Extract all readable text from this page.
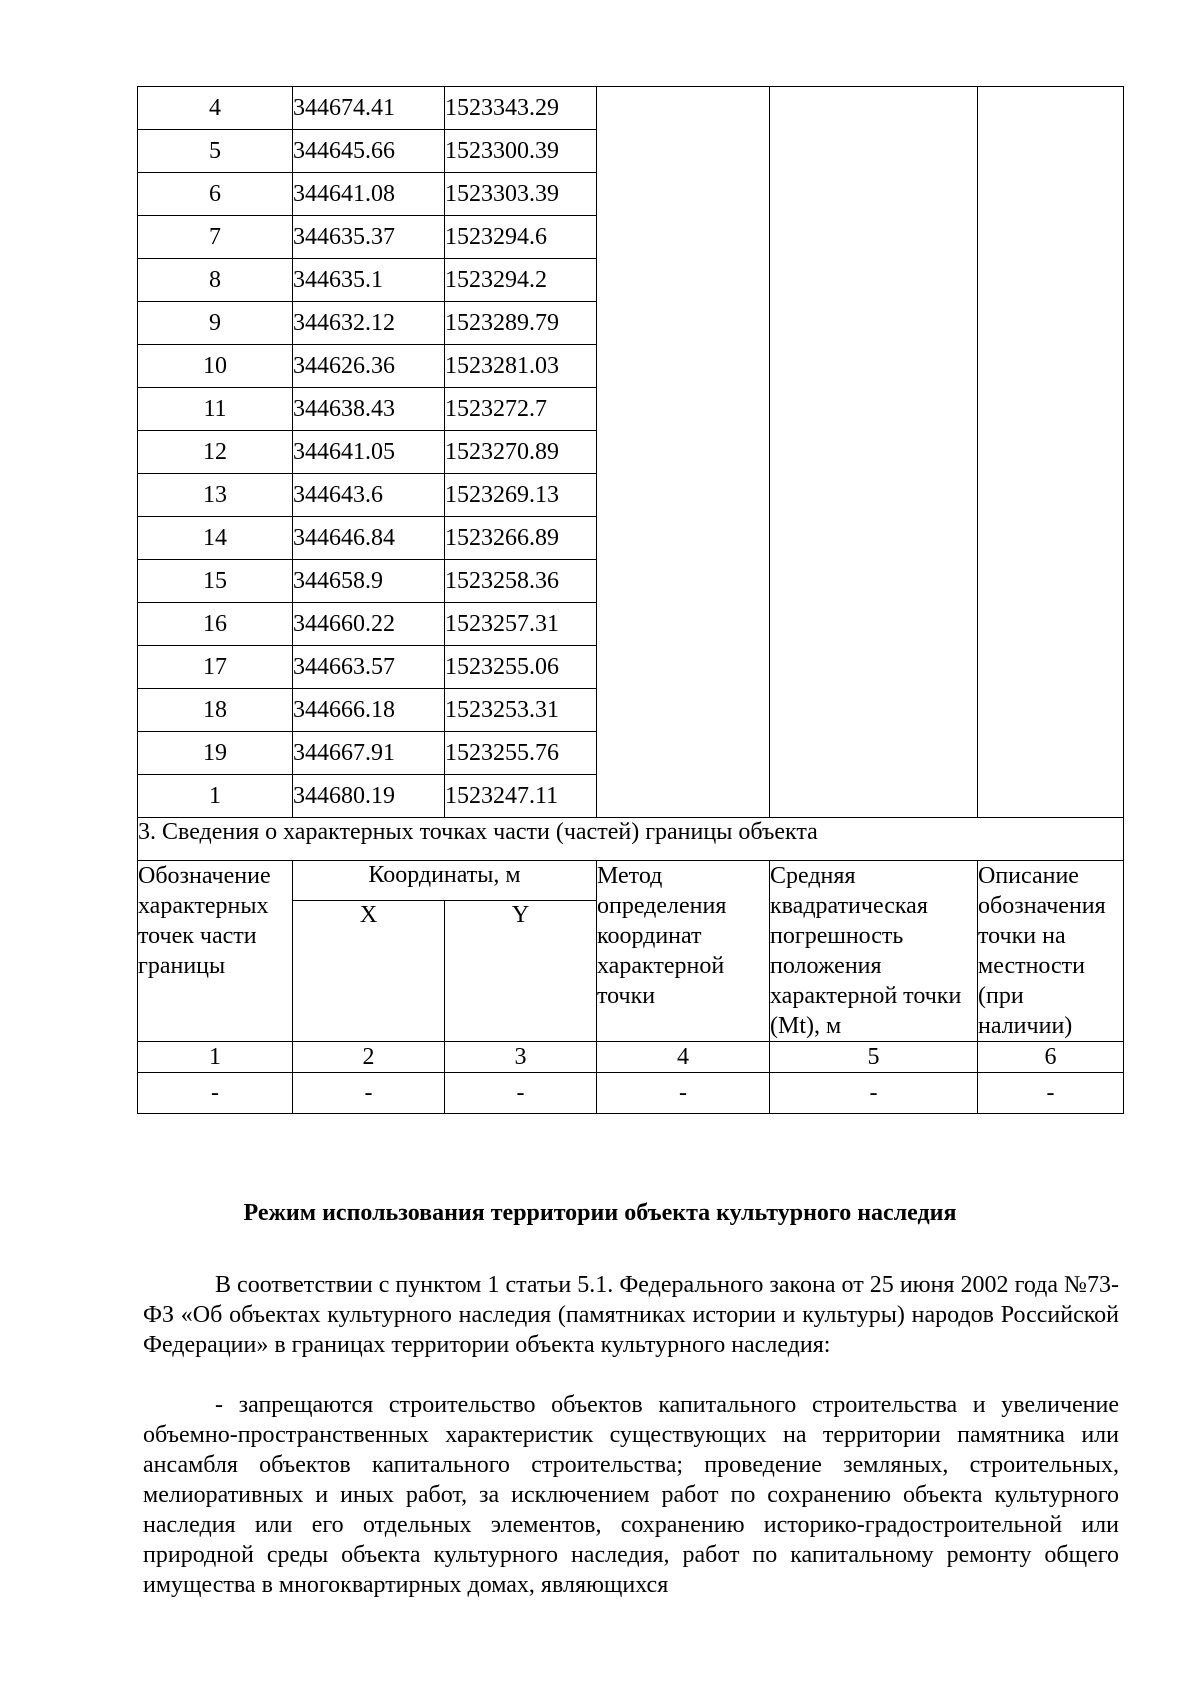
4	344674.41	1523343.29			
5	344645.66	1523300.39			
6	344641.08	1523303.39			
7	344635.37	1523294.6			
8	344635.1	1523294.2			
9	344632.12	1523289.79			
10	344626.36	1523281.03			
11	344638.43	1523272.7			
12	344641.05	1523270.89			
13	344643.6	1523269.13			
14	344646.84	1523266.89			
15	344658.9	1523258.36			
16	344660.22	1523257.31			
17	344663.57	1523255.06			
18	344666.18	1523253.31			
19	344667.91	1523255.76			
1	344680.19	1523247.11			
3. Сведения о характерных точках части (частей) границы объекта					
Обозначение характерных точек части границы	Координаты, м		Метод определения координат характерной точки	Средняя квадратическая погрешность положения характерной точки (Mt), м	Описание обозначения точки на местности (при наличии)
	X	Y			
1	2	3	4	5	6
-	-	-	-	-	-
Режим использования территории объекта культурного наследия

В соответствии с пунктом 1 статьи 5.1. Федерального закона от 25 июня 2002 года №73-ФЗ «Об объектах культурного наследия (памятниках истории и культуры) народов Российской Федерации» в границах территории объекта культурного наследия:

- запрещаются строительство объектов капитального строительства и увеличение объемно-пространственных характеристик существующих на территории памятника или ансамбля объектов капитального строительства; проведение земляных, строительных, мелиоративных и иных работ, за исключением работ по сохранению объекта культурного наследия или его отдельных элементов, сохранению историко-градостроительной или природной среды объекта культурного наследия, работ по капитальному ремонту общего имущества в многоквартирных домах, являющихся
